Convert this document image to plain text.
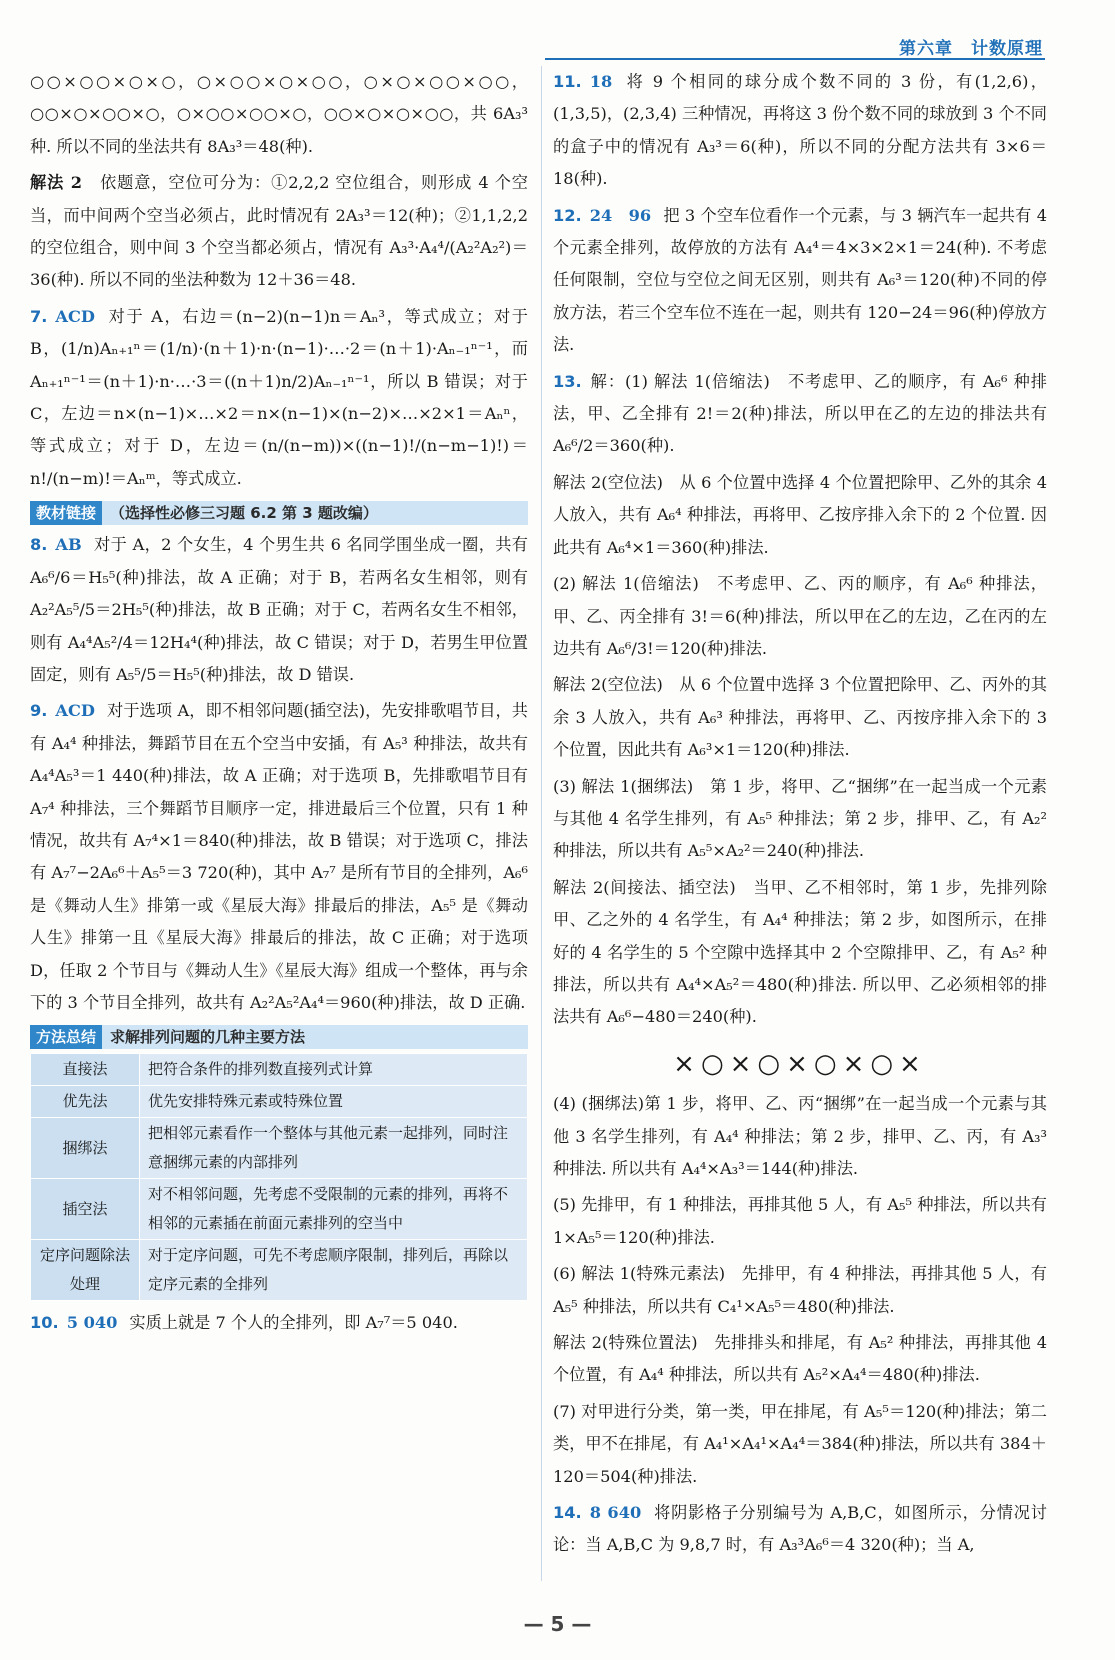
第六章　计数原理

○○×○○×○×○，○×○○×○×○○，○×○×○○×○○，○○×○×○○×○，○×○○×○○×○，○○×○×○×○○，共 6A₃³ 种. 所以不同的坐法共有 8A₃³＝48(种).

解法 2　 依题意，空位可分为：①2,2,2 空位组合，则形成 4 个空当，而中间两个空当必须占，此时情况有 2A₃³＝12(种)；②1,1,2,2 的空位组合，则中间 3 个空当都必须占，情况有 A₃³·A₄⁴/(A₂²A₂²)＝36(种). 所以不同的坐法种数为 12＋36＝48.

7. ACD 对于 A，右边＝(n−2)(n−1)n＝Aₙ³，等式成立；对于 B，(1/n)Aₙ₊₁ⁿ＝(1/n)·(n＋1)·n·(n−1)·…·2＝(n＋1)·Aₙ₋₁ⁿ⁻¹，而 Aₙ₊₁ⁿ⁻¹＝(n＋1)·n·…·3＝((n＋1)n/2)Aₙ₋₁ⁿ⁻¹，所以 B 错误；对于 C，左边＝n×(n−1)×…×2＝n×(n−1)×(n−2)×…×2×1＝Aₙⁿ，等式成立；对于 D，左边＝(n/(n−m))×((n−1)!/(n−m−1)!)＝n!/(n−m)!＝Aₙᵐ，等式成立.

教材链接 （选择性必修三习题 6.2 第 3 题改编）

8. AB 对于 A，2 个女生，4 个男生共 6 名同学围坐成一圈，共有 A₆⁶/6＝H₅⁵(种)排法，故 A 正确；对于 B，若两名女生相邻，则有 A₂²A₅⁵/5＝2H₅⁵(种)排法，故 B 正确；对于 C，若两名女生不相邻，则有 A₄⁴A₅²/4＝12H₄⁴(种)排法，故 C 错误；对于 D，若男生甲位置固定，则有 A₅⁵/5＝H₅⁵(种)排法，故 D 错误.

9. ACD 对于选项 A，即不相邻问题(插空法)，先安排歌唱节目，共有 A₄⁴ 种排法，舞蹈节目在五个空当中安插，有 A₅³ 种排法，故共有 A₄⁴A₅³＝1 440(种)排法，故 A 正确；对于选项 B，先排歌唱节目有 A₇⁴ 种排法，三个舞蹈节目顺序一定，排进最后三个位置，只有 1 种情况，故共有 A₇⁴×1＝840(种)排法，故 B 错误；对于选项 C，排法有 A₇⁷−2A₆⁶＋A₅⁵＝3 720(种)，其中 A₇⁷ 是所有节目的全排列，A₆⁶ 是《舞动人生》排第一或《星辰大海》排最后的排法，A₅⁵ 是《舞动人生》排第一且《星辰大海》排最后的排法，故 C 正确；对于选项 D，任取 2 个节目与《舞动人生》《星辰大海》组成一个整体，再与余下的 3 个节目全排列，故共有 A₂²A₅²A₄⁴＝960(种)排法，故 D 正确.

方法总结 求解排列问题的几种主要方法
直接法	把符合条件的排列数直接列式计算
优先法	优先安排特殊元素或特殊位置
捆绑法	把相邻元素看作一个整体与其他元素一起排列，同时注意捆绑元素的内部排列
插空法	对不相邻问题，先考虑不受限制的元素的排列，再将不相邻的元素插在前面元素排列的空当中
定序问题除法处理	对于定序问题，可先不考虑顺序限制，排列后，再除以定序元素的全排列

10. 5 040 实质上就是 7 个人的全排列，即 A₇⁷＝5 040.

11. 18 将 9 个相同的球分成个数不同的 3 份，有(1,2,6)，(1,3,5)，(2,3,4) 三种情况，再将这 3 份个数不同的球放到 3 个不同的盒子中的情况有 A₃³＝6(种)，所以不同的分配方法共有 3×6＝18(种).

12. 24　96 把 3 个空车位看作一个元素，与 3 辆汽车一起共有 4 个元素全排列，故停放的方法有 A₄⁴＝4×3×2×1＝24(种). 不考虑任何限制，空位与空位之间无区别，则共有 A₆³＝120(种)不同的停放方法，若三个空车位不连在一起，则共有 120−24＝96(种)停放方法.

13. 解：(1) 解法 1(倍缩法)　不考虑甲、乙的顺序，有 A₆⁶ 种排法，甲、乙全排有 2!＝2(种)排法，所以甲在乙的左边的排法共有 A₆⁶/2＝360(种).

解法 2(空位法)　从 6 个位置中选择 4 个位置把除甲、乙外的其余 4 人放入，共有 A₆⁴ 种排法，再将甲、乙按序排入余下的 2 个位置. 因此共有 A₆⁴×1＝360(种)排法.

(2) 解法 1(倍缩法)　不考虑甲、乙、丙的顺序，有 A₆⁶ 种排法，甲、乙、丙全排有 3!＝6(种)排法，所以甲在乙的左边，乙在丙的左边共有 A₆⁶/3!＝120(种)排法.

解法 2(空位法)　从 6 个位置中选择 3 个位置把除甲、乙、丙外的其余 3 人放入，共有 A₆³ 种排法，再将甲、乙、丙按序排入余下的 3 个位置，因此共有 A₆³×1＝120(种)排法.

(3) 解法 1(捆绑法)　第 1 步，将甲、乙“捆绑”在一起当成一个元素与其他 4 名学生排列，有 A₅⁵ 种排法；第 2 步，排甲、乙，有 A₂² 种排法，所以共有 A₅⁵×A₂²＝240(种)排法.

解法 2(间接法、插空法)　当甲、乙不相邻时，第 1 步，先排列除甲、乙之外的 4 名学生，有 A₄⁴ 种排法；第 2 步，如图所示，在排好的 4 名学生的 5 个空隙中选择其中 2 个空隙排甲、乙，有 A₅² 种排法，所以共有 A₄⁴×A₅²＝480(种)排法. 所以甲、乙必须相邻的排法共有 A₆⁶−480＝240(种).

×○×○×○×○×

(4) (捆绑法)第 1 步，将甲、乙、丙“捆绑”在一起当成一个元素与其他 3 名学生排列，有 A₄⁴ 种排法；第 2 步，排甲、乙、丙，有 A₃³ 种排法. 所以共有 A₄⁴×A₃³＝144(种)排法.

(5) 先排甲，有 1 种排法，再排其他 5 人，有 A₅⁵ 种排法，所以共有 1×A₅⁵＝120(种)排法.

(6) 解法 1(特殊元素法)　先排甲，有 4 种排法，再排其他 5 人，有 A₅⁵ 种排法，所以共有 C₄¹×A₅⁵＝480(种)排法.

解法 2(特殊位置法)　先排排头和排尾，有 A₅² 种排法，再排其他 4 个位置，有 A₄⁴ 种排法，所以共有 A₅²×A₄⁴＝480(种)排法.

(7) 对甲进行分类，第一类，甲在排尾，有 A₅⁵＝120(种)排法；第二类，甲不在排尾，有 A₄¹×A₄¹×A₄⁴＝384(种)排法，所以共有 384＋120＝504(种)排法.

14. 8 640 将阴影格子分别编号为 A,B,C，如图所示，分情况讨论：当 A,B,C 为 9,8,7 时，有 A₃³A₆⁶＝4 320(种)；当 A,

— 5 —
